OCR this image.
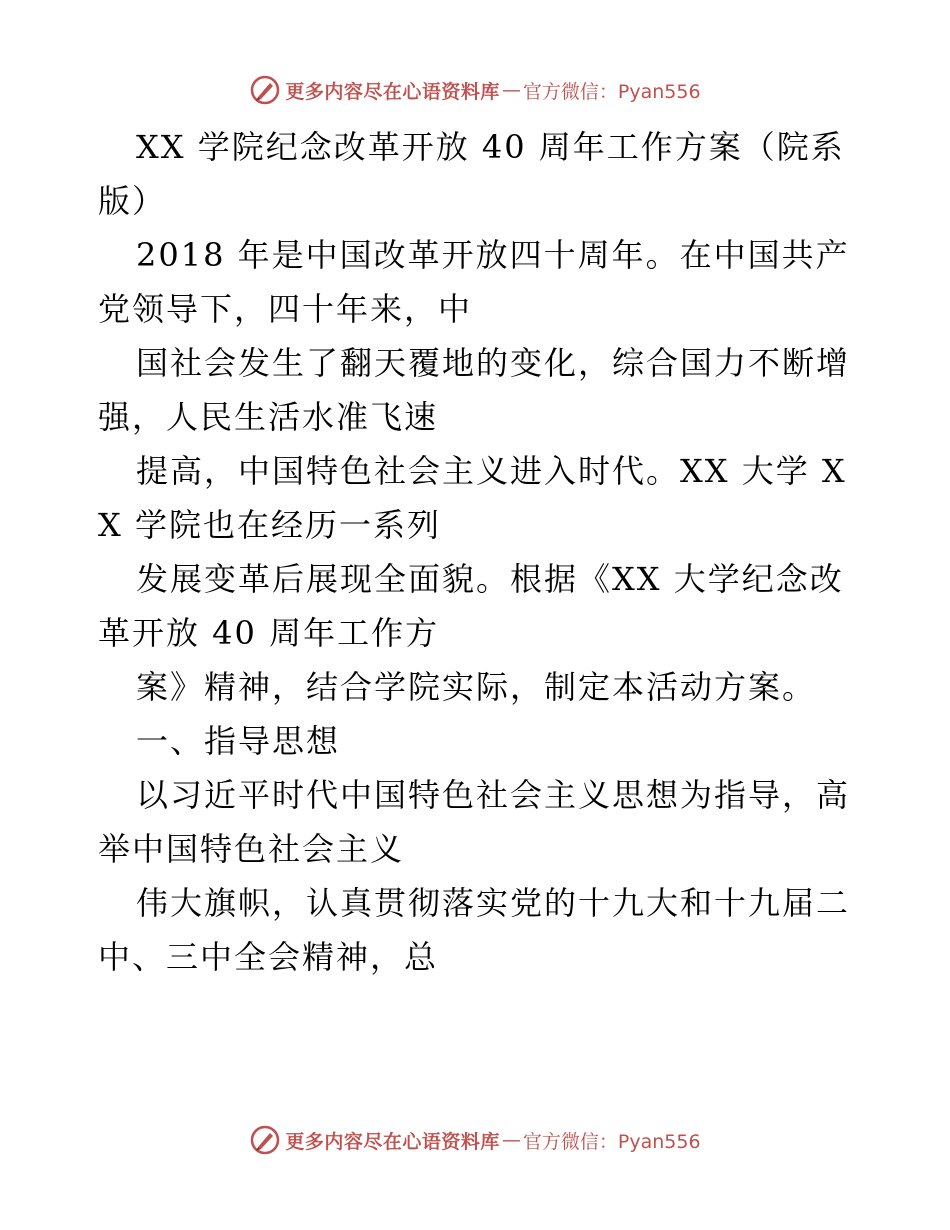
更多内容尽在心语资料库 — 官方微信：Pyan556

XX 学院纪念改革开放 40 周年工作方案（院系版）

2018 年是中国改革开放四十周年。在中国共产党领导下，四十年来，中

国社会发生了翻天覆地的变化，综合国力不断增强，人民生活水准飞速

提高，中国特色社会主义进入时代。XX 大学 XX 学院也在经历一系列

发展变革后展现全面貌。根据《XX 大学纪念改革开放 40 周年工作方

案》精神，结合学院实际，制定本活动方案。

一、指导思想

以习近平时代中国特色社会主义思想为指导，高举中国特色社会主义

伟大旗帜，认真贯彻落实党的十九大和十九届二中、三中全会精神，总

更多内容尽在心语资料库 — 官方微信：Pyan556
